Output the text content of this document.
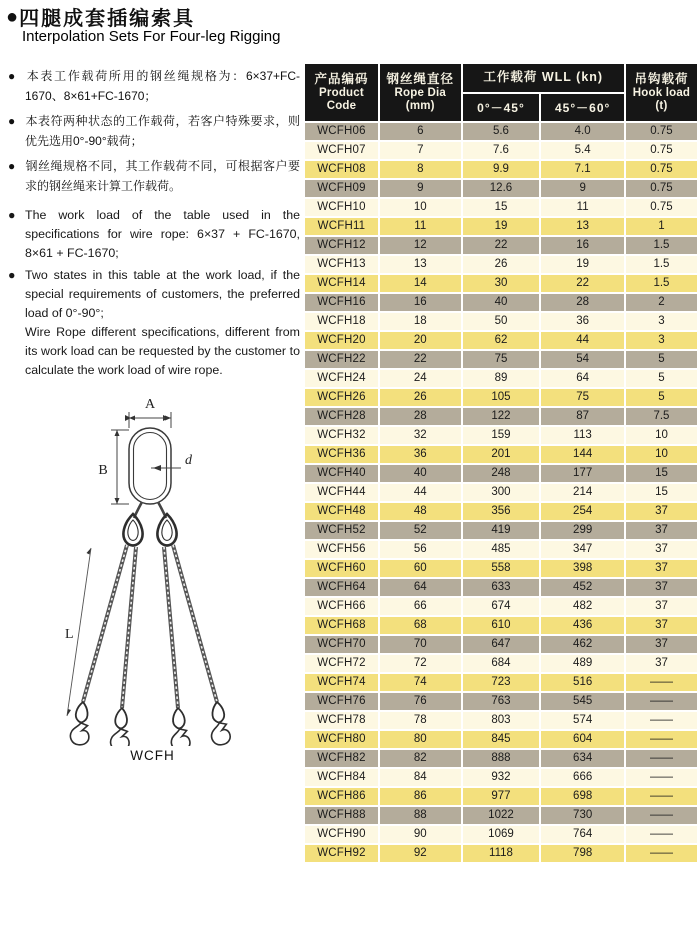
● 四腿成套插编索具
Interpolation Sets For Four-leg Rigging
● 本表工作载荷所用的钢丝绳规格为：6×37+FC-1670、8×61+FC-1670；
● 本表符两种状态的工作载荷，若客户特殊要求，则优先选用0°-90°载荷；
● 钢丝绳规格不同，其工作载荷不同，可根据客户要求的钢丝绳来计算工作载荷。
● The work load of the table used in the specifications for wire rope: 6×37 + FC-1670, 8×61 + FC-1670;
● Two states in this table at the work load, if the special requirements of customers, the preferred load of 0°-90°;
Wire Rope different specifications, different from its work load can be requested by the customer to calculate the work load of wire rope.
A
B
d
L
WCFH
产品编码
Product
Code	钢丝绳直径
Rope Dia
(mm)	工作载荷 WLL (kn)		吊钩载荷
Hook load
(t)

		0°－45°	45°－60°	
WCFH06	6	5.6	4.0	0.75
WCFH07	7	7.6	5.4	0.75
WCFH08	8	9.9	7.1	0.75
WCFH09	9	12.6	9	0.75
WCFH10	10	15	11	0.75
WCFH11	11	19	13	1
WCFH12	12	22	16	1.5
WCFH13	13	26	19	1.5
WCFH14	14	30	22	1.5
WCFH16	16	40	28	2
WCFH18	18	50	36	3
WCFH20	20	62	44	3
WCFH22	22	75	54	5
WCFH24	24	89	64	5
WCFH26	26	105	75	5
WCFH28	28	122	87	7.5
WCFH32	32	159	113	10
WCFH36	36	201	144	10
WCFH40	40	248	177	15
WCFH44	44	300	214	15
WCFH48	48	356	254	37
WCFH52	52	419	299	37
WCFH56	56	485	347	37
WCFH60	60	558	398	37
WCFH64	64	633	452	37
WCFH66	66	674	482	37
WCFH68	68	610	436	37
WCFH70	70	647	462	37
WCFH72	72	684	489	37
WCFH74	74	723	516	——
WCFH76	76	763	545	——
WCFH78	78	803	574	——
WCFH80	80	845	604	——
WCFH82	82	888	634	——
WCFH84	84	932	666	——
WCFH86	86	977	698	——
WCFH88	88	1022	730	——
WCFH90	90	1069	764	——
WCFH92	92	1118	798	——
